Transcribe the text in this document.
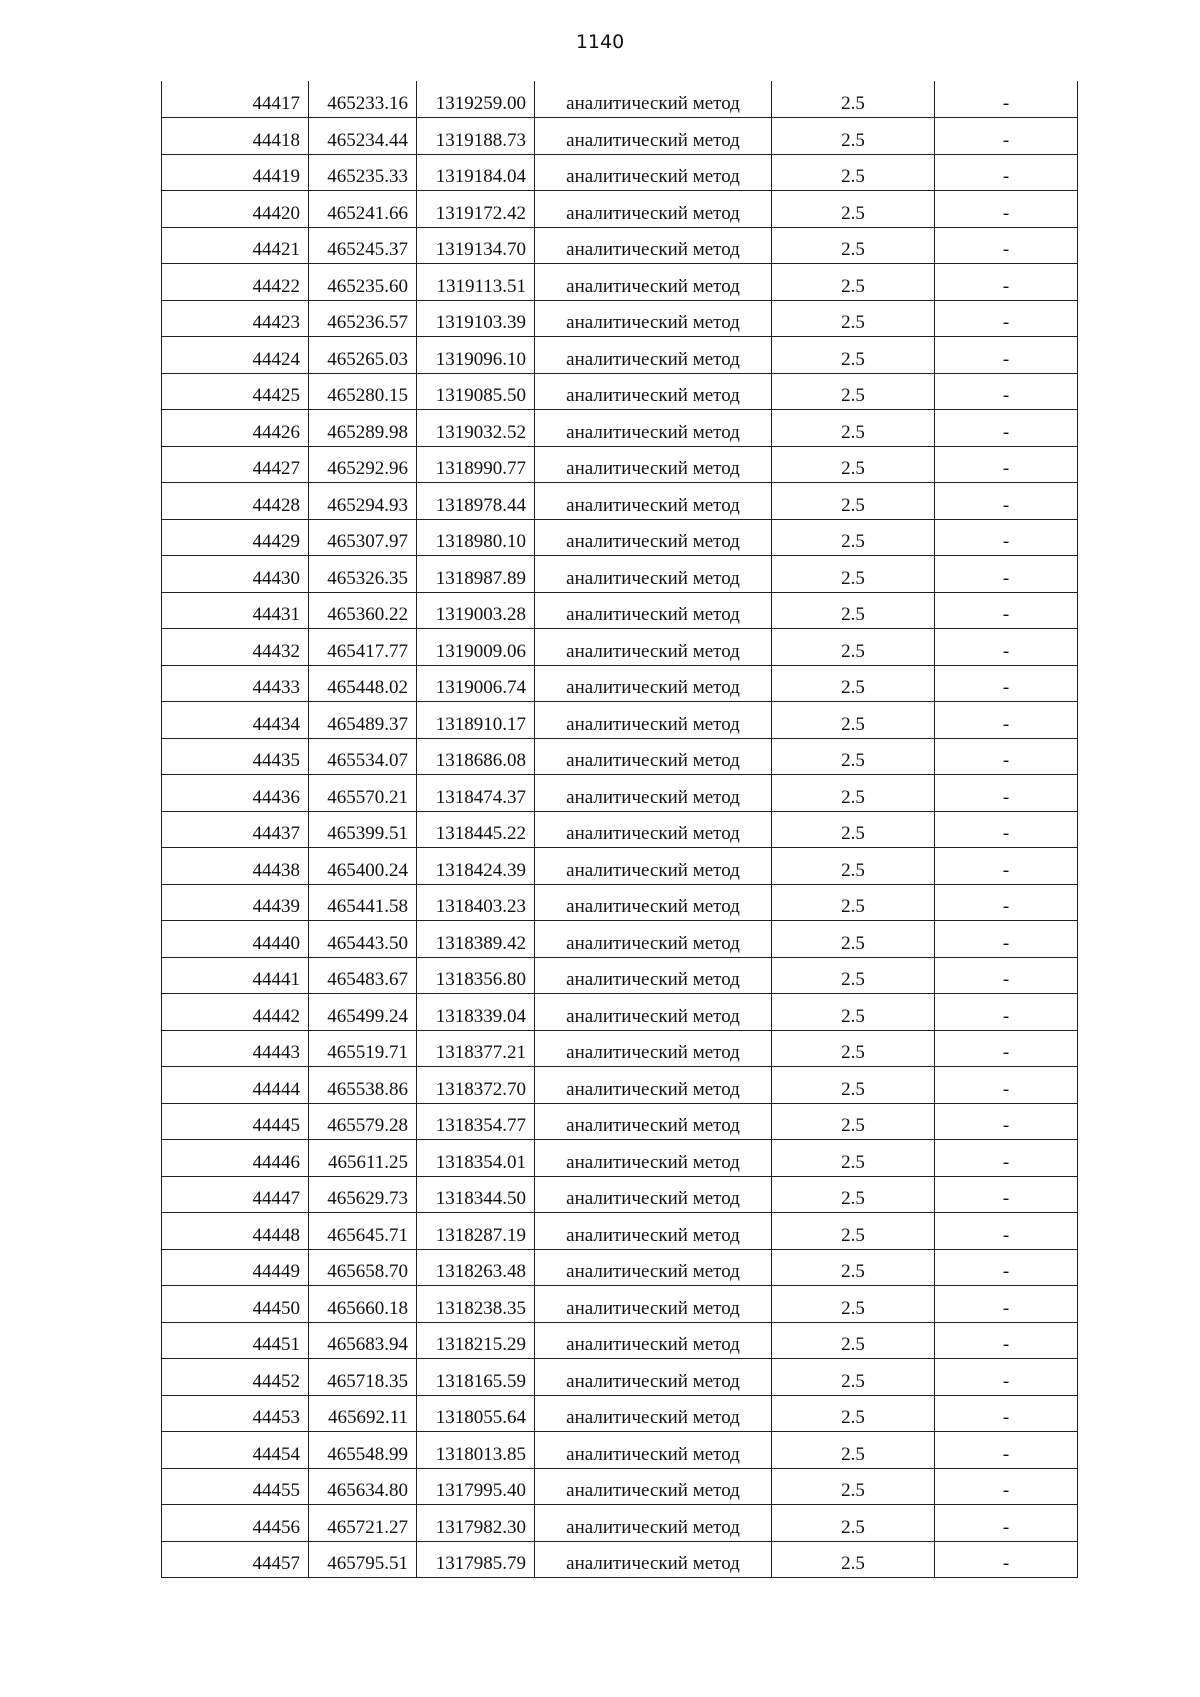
1140
44417	465233.16	1319259.00	аналитический метод	2.5	-
44418	465234.44	1319188.73	аналитический метод	2.5	-
44419	465235.33	1319184.04	аналитический метод	2.5	-
44420	465241.66	1319172.42	аналитический метод	2.5	-
44421	465245.37	1319134.70	аналитический метод	2.5	-
44422	465235.60	1319113.51	аналитический метод	2.5	-
44423	465236.57	1319103.39	аналитический метод	2.5	-
44424	465265.03	1319096.10	аналитический метод	2.5	-
44425	465280.15	1319085.50	аналитический метод	2.5	-
44426	465289.98	1319032.52	аналитический метод	2.5	-
44427	465292.96	1318990.77	аналитический метод	2.5	-
44428	465294.93	1318978.44	аналитический метод	2.5	-
44429	465307.97	1318980.10	аналитический метод	2.5	-
44430	465326.35	1318987.89	аналитический метод	2.5	-
44431	465360.22	1319003.28	аналитический метод	2.5	-
44432	465417.77	1319009.06	аналитический метод	2.5	-
44433	465448.02	1319006.74	аналитический метод	2.5	-
44434	465489.37	1318910.17	аналитический метод	2.5	-
44435	465534.07	1318686.08	аналитический метод	2.5	-
44436	465570.21	1318474.37	аналитический метод	2.5	-
44437	465399.51	1318445.22	аналитический метод	2.5	-
44438	465400.24	1318424.39	аналитический метод	2.5	-
44439	465441.58	1318403.23	аналитический метод	2.5	-
44440	465443.50	1318389.42	аналитический метод	2.5	-
44441	465483.67	1318356.80	аналитический метод	2.5	-
44442	465499.24	1318339.04	аналитический метод	2.5	-
44443	465519.71	1318377.21	аналитический метод	2.5	-
44444	465538.86	1318372.70	аналитический метод	2.5	-
44445	465579.28	1318354.77	аналитический метод	2.5	-
44446	465611.25	1318354.01	аналитический метод	2.5	-
44447	465629.73	1318344.50	аналитический метод	2.5	-
44448	465645.71	1318287.19	аналитический метод	2.5	-
44449	465658.70	1318263.48	аналитический метод	2.5	-
44450	465660.18	1318238.35	аналитический метод	2.5	-
44451	465683.94	1318215.29	аналитический метод	2.5	-
44452	465718.35	1318165.59	аналитический метод	2.5	-
44453	465692.11	1318055.64	аналитический метод	2.5	-
44454	465548.99	1318013.85	аналитический метод	2.5	-
44455	465634.80	1317995.40	аналитический метод	2.5	-
44456	465721.27	1317982.30	аналитический метод	2.5	-
44457	465795.51	1317985.79	аналитический метод	2.5	-
